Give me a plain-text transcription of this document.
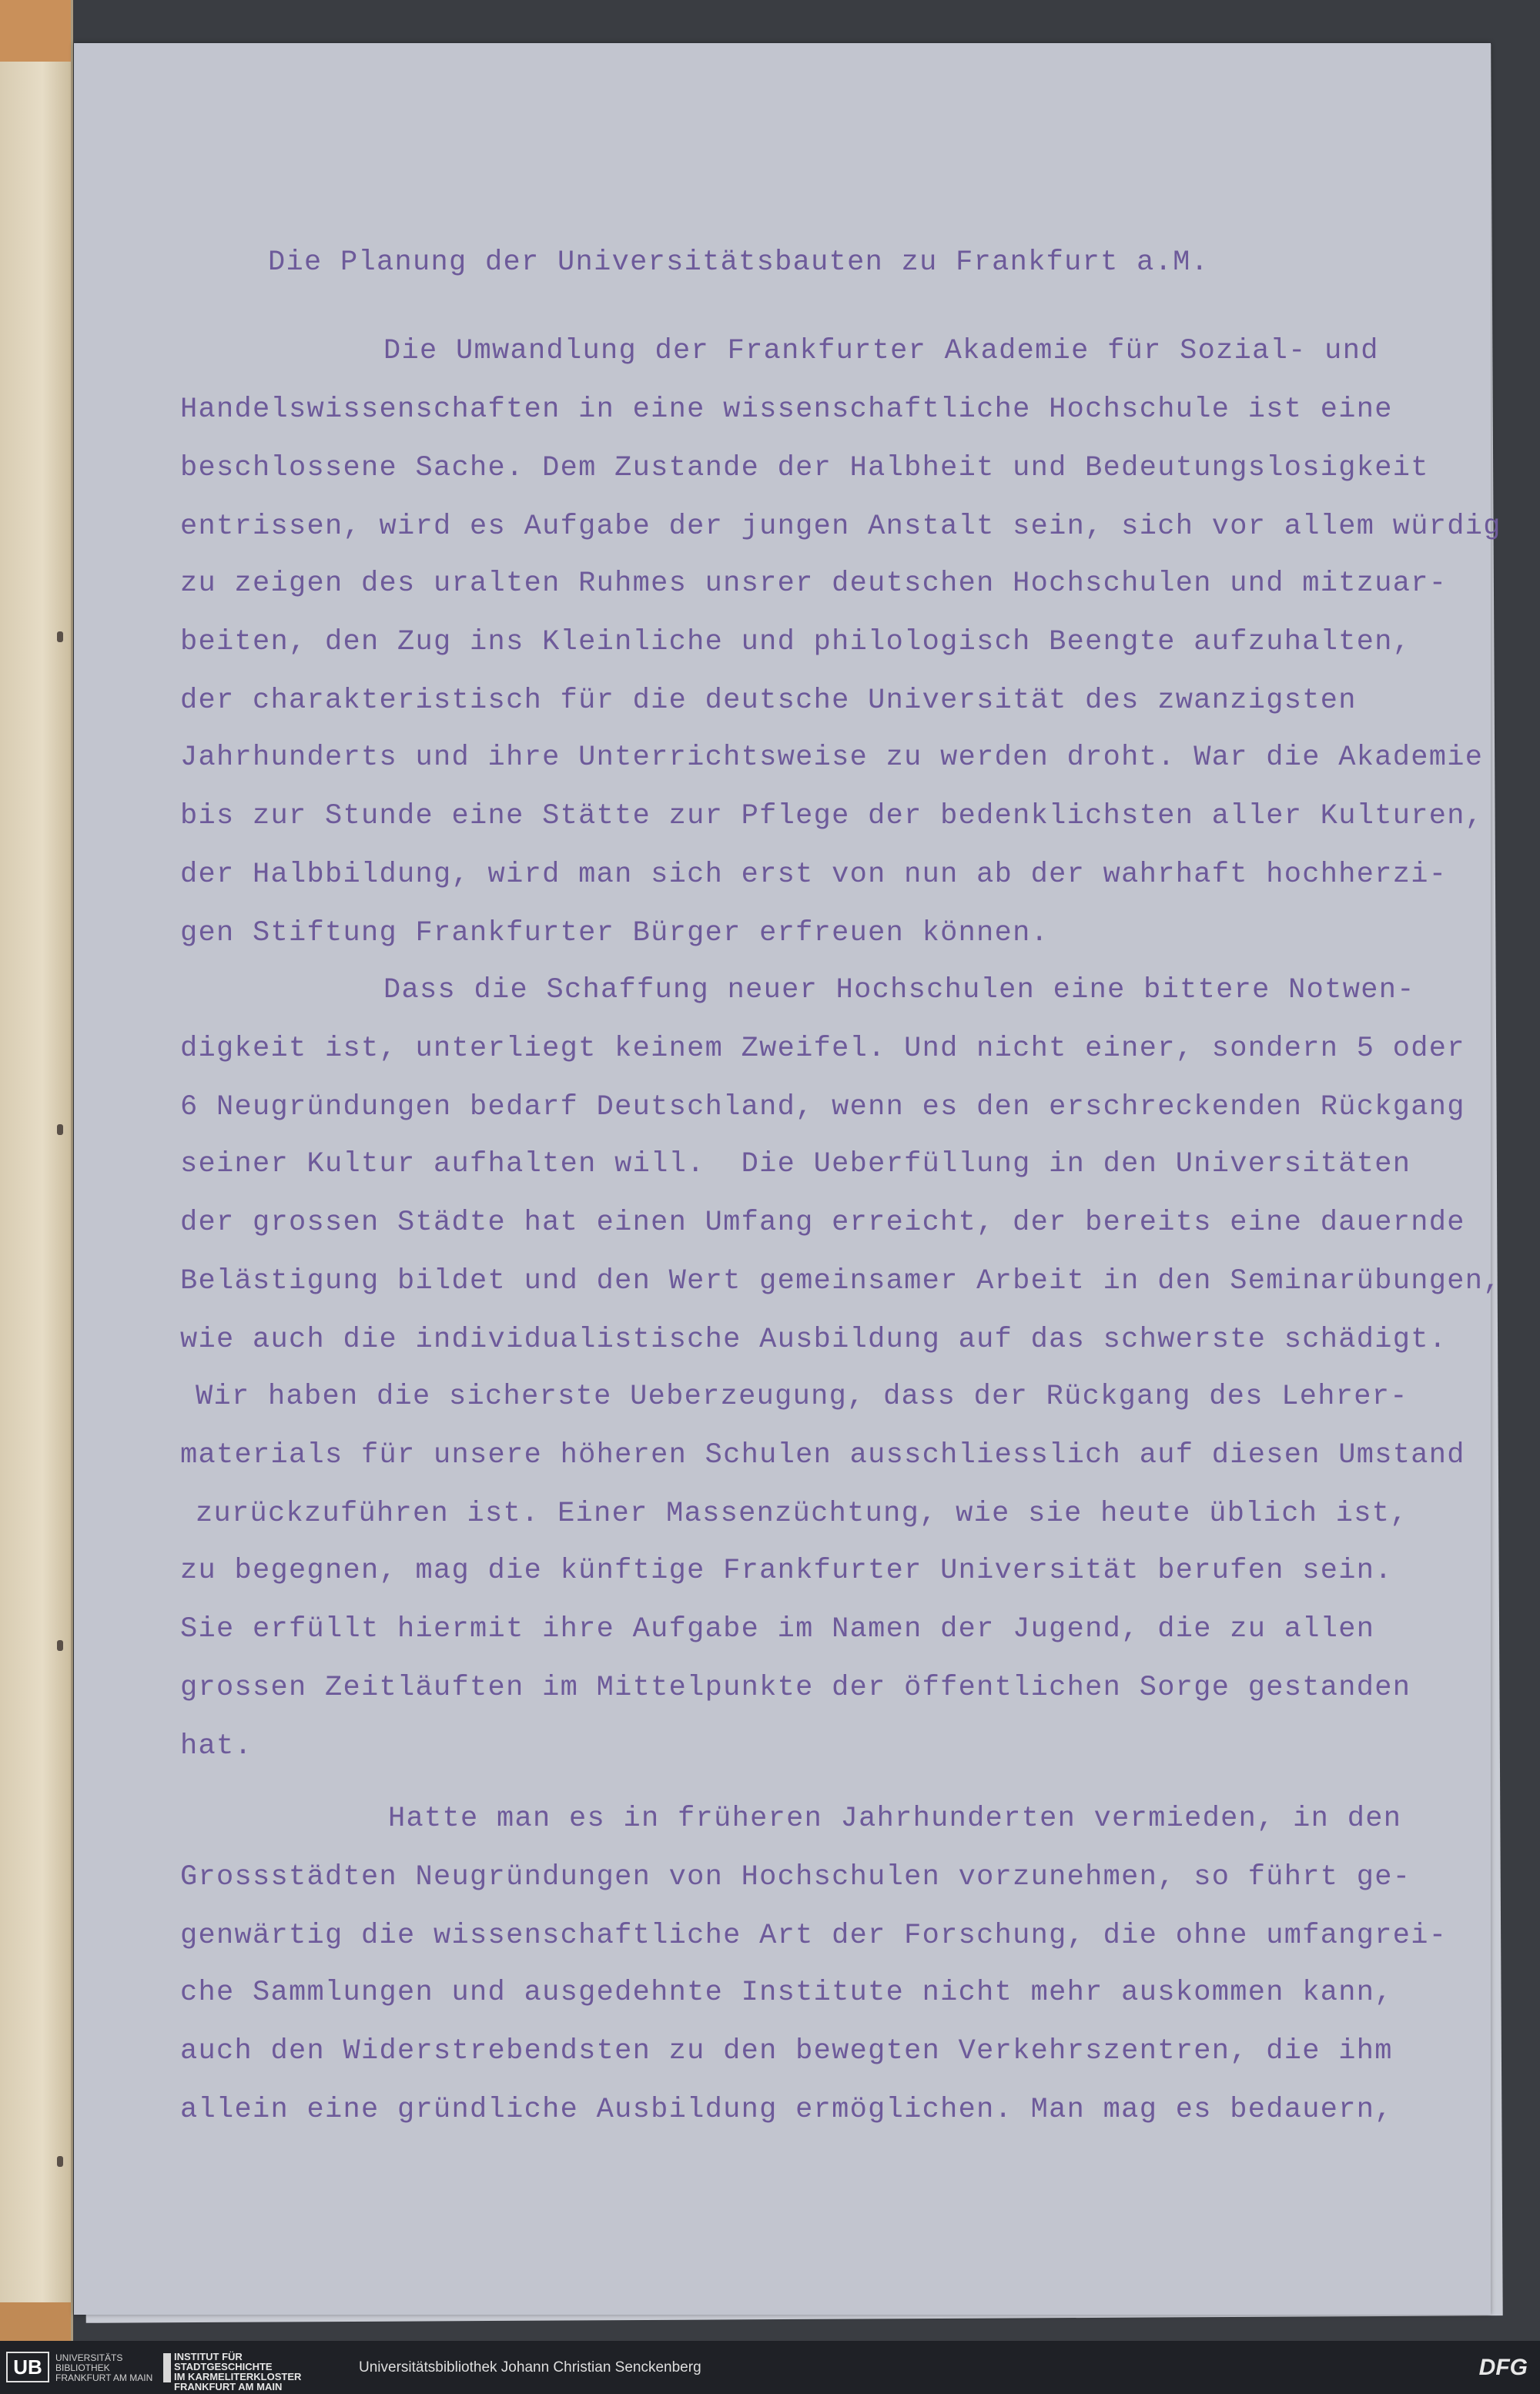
Die Planung der Universitätsbauten zu Frankfurt a.M.

Die Umwandlung der Frankfurter Akademie für Sozial- und

Handelswissenschaften in eine wissenschaftliche Hochschule ist eine

beschlossene Sache. Dem Zustande der Halbheit und Bedeutungslosigkeit

entrissen, wird es Aufgabe der jungen Anstalt sein, sich vor allem würdig

zu zeigen des uralten Ruhmes unsrer deutschen Hochschulen und mitzuar-

beiten, den Zug ins Kleinliche und philologisch Beengte aufzuhalten,

der charakteristisch für die deutsche Universität des zwanzigsten

Jahrhunderts und ihre Unterrichtsweise zu werden droht. War die Akademie

bis zur Stunde eine Stätte zur Pflege der bedenklichsten aller Kulturen,

der Halbbildung, wird man sich erst von nun ab der wahrhaft hochherzi-

gen Stiftung Frankfurter Bürger erfreuen können.

Dass die Schaffung neuer Hochschulen eine bittere Notwen-

digkeit ist, unterliegt keinem Zweifel. Und nicht einer, sondern 5 oder

6 Neugründungen bedarf Deutschland, wenn es den erschreckenden Rückgang

seiner Kultur aufhalten will.  Die Ueberfüllung in den Universitäten

der grossen Städte hat einen Umfang erreicht, der bereits eine dauernde

Belästigung bildet und den Wert gemeinsamer Arbeit in den Seminarübungen,

wie auch die individualistische Ausbildung auf das schwerste schädigt.

Wir haben die sicherste Ueberzeugung, dass der Rückgang des Lehrer-

materials für unsere höheren Schulen ausschliesslich auf diesen Umstand

zurückzuführen ist. Einer Massenzüchtung, wie sie heute üblich ist,

zu begegnen, mag die künftige Frankfurter Universität berufen sein.

Sie erfüllt hiermit ihre Aufgabe im Namen der Jugend, die zu allen

grossen Zeitläuften im Mittelpunkte der öffentlichen Sorge gestanden

hat.

Hatte man es in früheren Jahrhunderten vermieden, in den

Grossstädten Neugründungen von Hochschulen vorzunehmen, so führt ge-

genwärtig die wissenschaftliche Art der Forschung, die ohne umfangrei-

che Sammlungen und ausgedehnte Institute nicht mehr auskommen kann,

auch den Widerstrebendsten zu den bewegten Verkehrszentren, die ihm

allein eine gründliche Ausbildung ermöglichen. Man mag es bedauern,

UB	UNIVERSITÄTS
BIBLIOTHEK
FRANKFURT AM MAIN
INSTITUT FÜR
STADTGESCHICHTE
IM KARMELITERKLOSTER
FRANKFURT AM MAIN
Universitätsbibliothek Johann Christian Senckenberg	DFG
